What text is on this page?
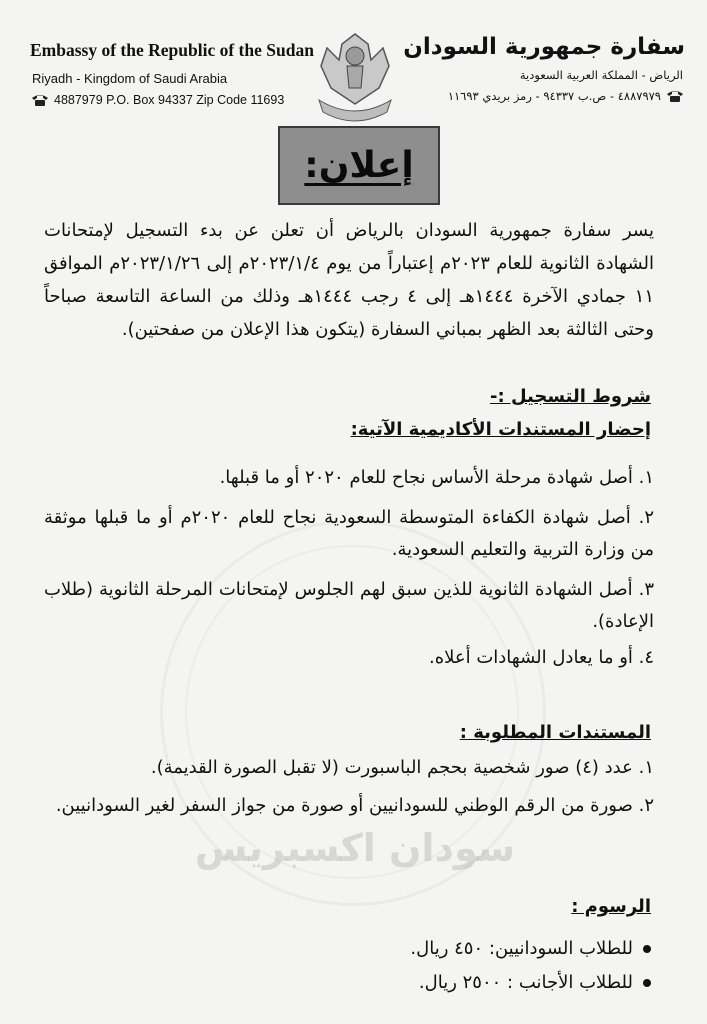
سودان اكسبريس
Embassy of the Republic of the Sudan
Riyadh - Kingdom of Saudi Arabia
4887979 P.O. Box 94337 Zip Code 11693
سفارة جمهورية السودان
الرياض - المملكة العربية السعودية
٤٨٨٧٩٧٩ - ص.ب ٩٤٣٣٧ - رمز بريدي ١١٦٩٣
إعلان:

يسر سفارة جمهورية السودان بالرياض أن تعلن عن بدء التسجيل لإمتحانات الشهادة الثانوية للعام ٢٠٢٣م إعتباراً من يوم ٢٠٢٣/١/٤م إلى ٢٠٢٣/١/٢٦م الموافق ١١ جمادي الآخرة ١٤٤٤هـ إلى ٤ رجب ١٤٤٤هـ وذلك من الساعة التاسعة صباحاً وحتى الثالثة بعد الظهر بمباني السفارة (يتكون هذا الإعلان من صفحتين).

شروط التسجيل :-
إحضار المستندات الأكاديمية الآتية:

١. أصل شهادة مرحلة الأساس نجاح للعام ٢٠٢٠ أو ما قبلها.

٢. أصل شهادة الكفاءة المتوسطة السعودية نجاح للعام ٢٠٢٠م أو ما قبلها موثقة من وزارة التربية والتعليم السعودية.

٣. أصل الشهادة الثانوية للذين سبق لهم الجلوس لإمتحانات المرحلة الثانوية (طلاب الإعادة).

٤. أو ما يعادل الشهادات أعلاه.

المستندات المطلوبة :

١. عدد (٤) صور شخصية بحجم الباسبورت (لا تقبل الصورة القديمة).

٢. صورة من الرقم الوطني للسودانيين أو صورة من جواز السفر لغير السودانيين.

الرسوم :
للطلاب السودانيين: ٤٥٠ ريال.
للطلاب الأجانب : ٢٥٠٠ ريال.
